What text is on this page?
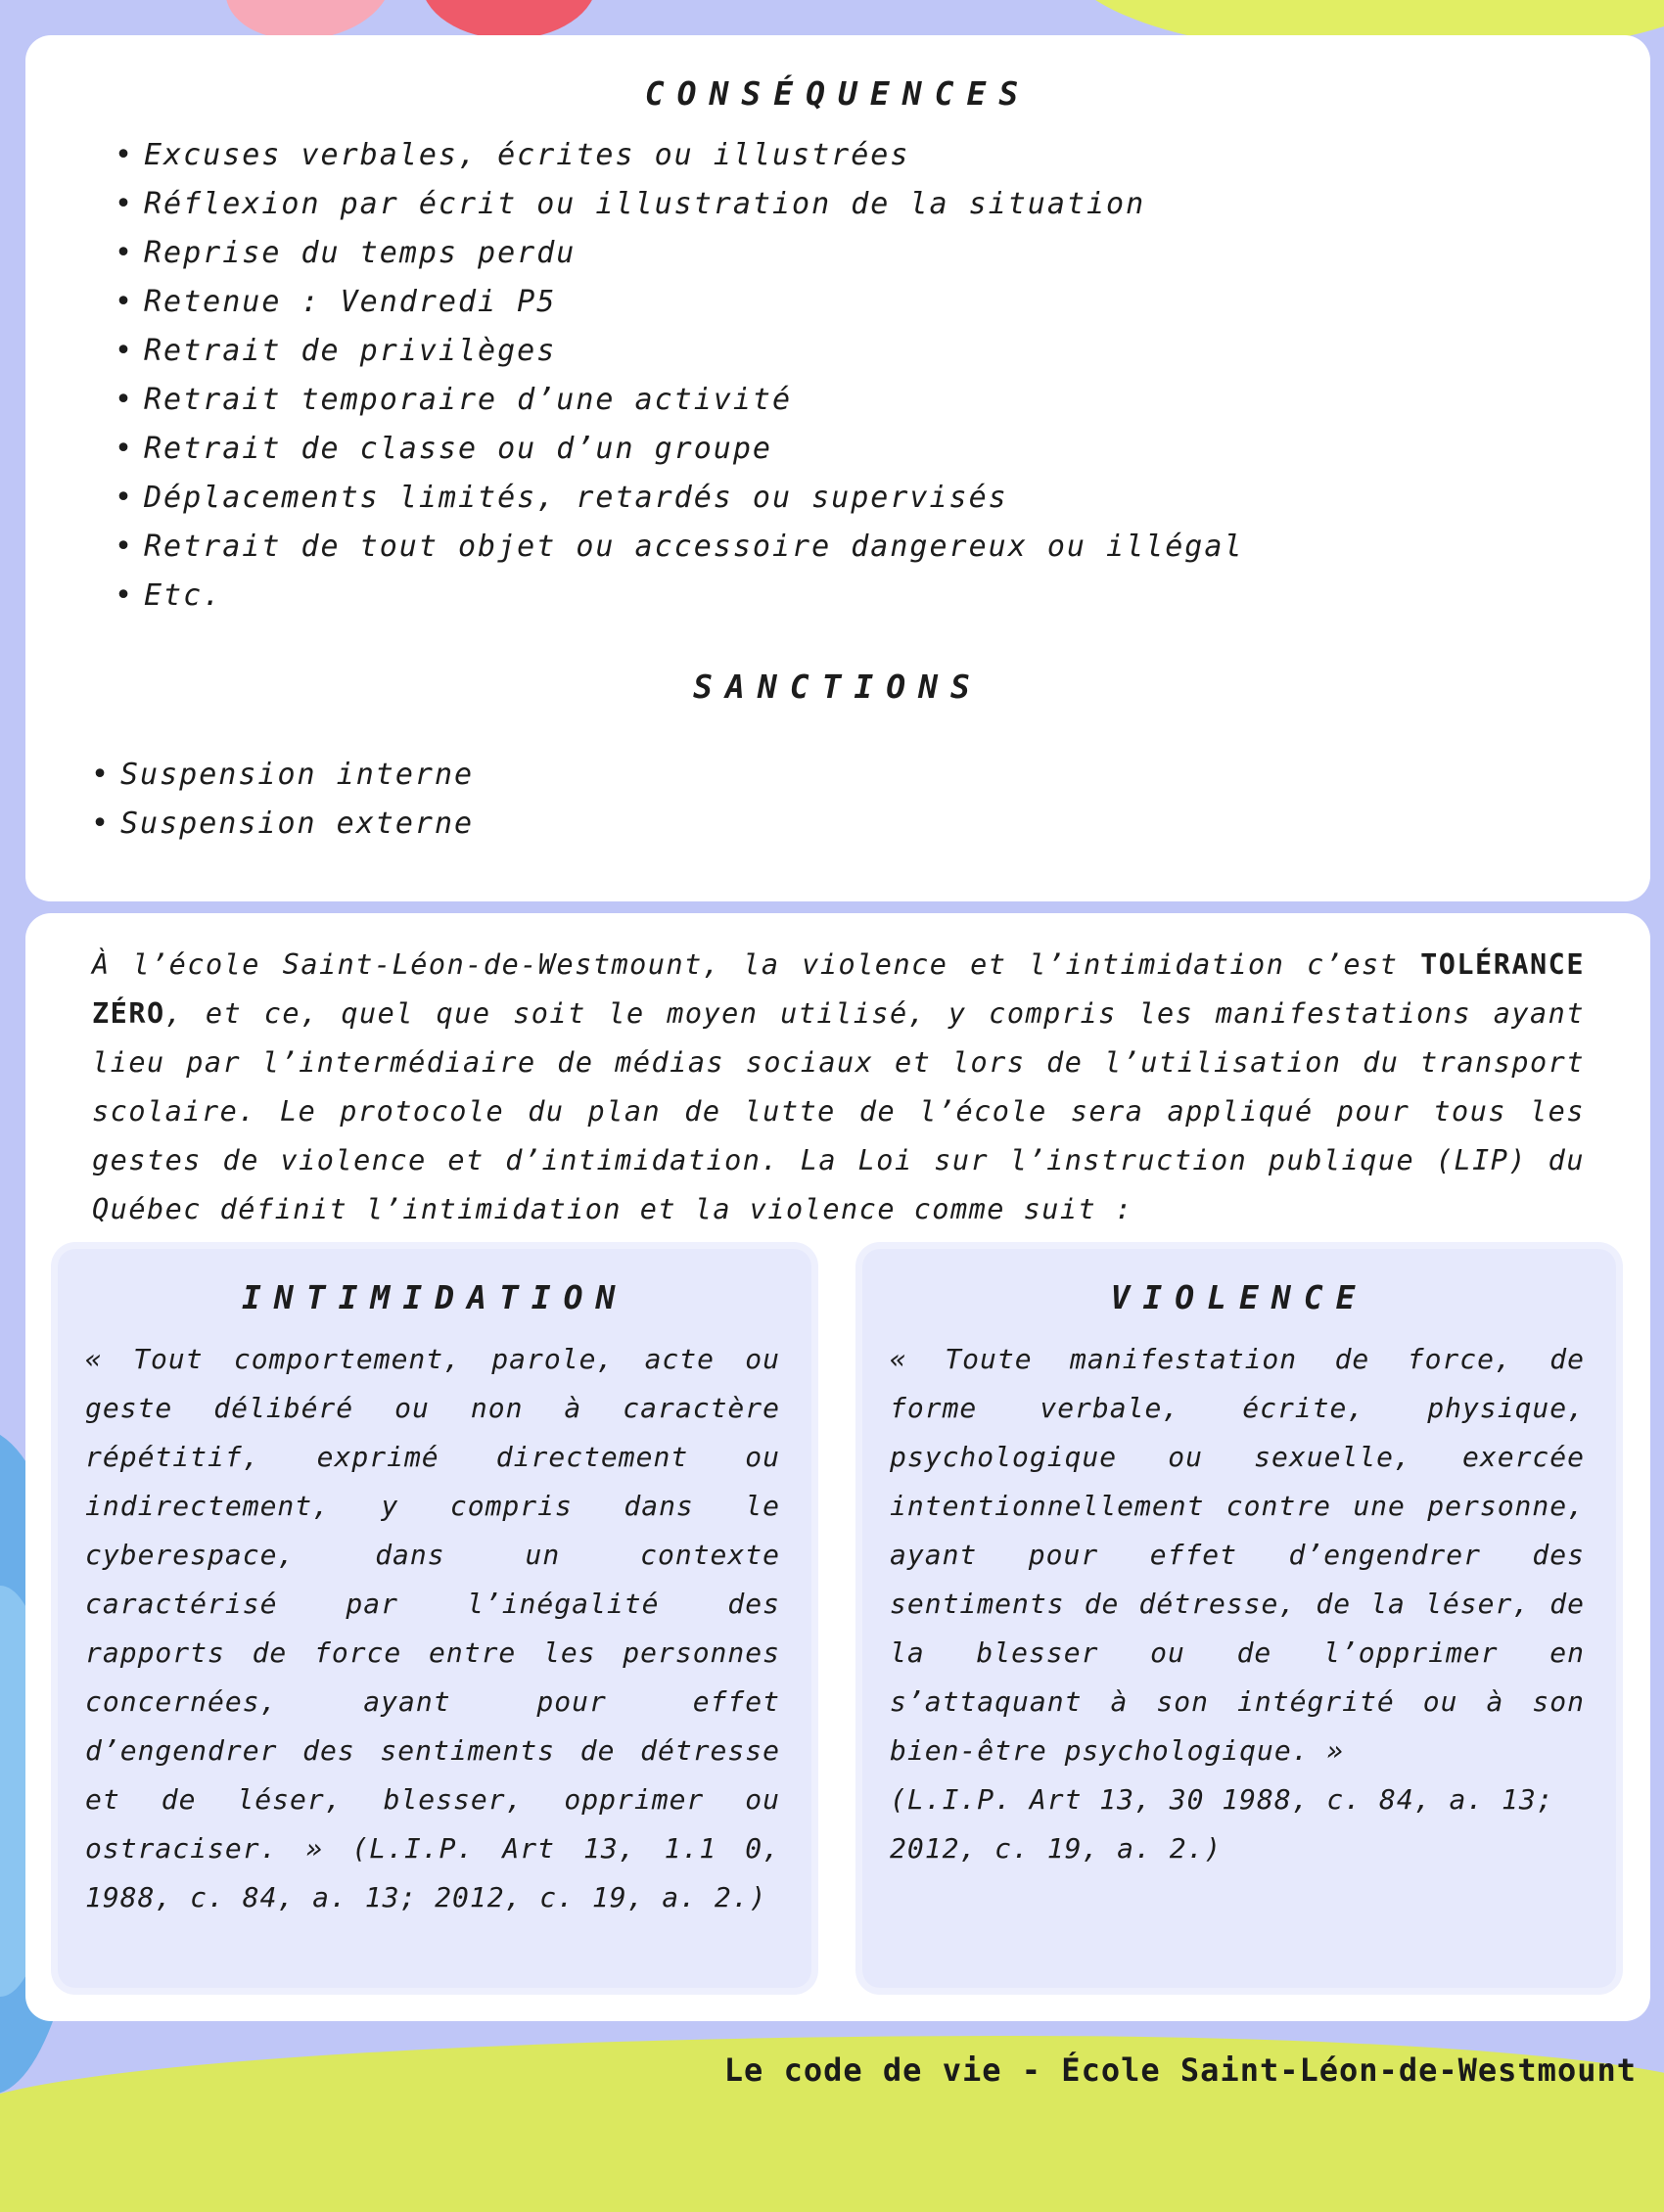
CONSÉQUENCES
• Excuses verbales, écrites ou illustrées
• Réflexion par écrit ou illustration de la situation
• Reprise du temps perdu
• Retenue : Vendredi P5
• Retrait de privilèges
• Retrait temporaire d’une activité
• Retrait de classe ou d’un groupe
• Déplacements limités, retardés ou supervisés
• Retrait de tout objet ou accessoire dangereux ou illégal
• Etc.
SANCTIONS
• Suspension interne
• Suspension externe

À l’école Saint-Léon-de-Westmount, la violence et l’intimidation c’est TOLÉRANCE ZÉRO, et ce, quel que soit le moyen utilisé, y compris les manifestations ayant lieu par l’intermédiaire de médias sociaux et lors de l’utilisation du transport scolaire. Le protocole du plan de lutte de l’école sera appliqué pour tous les gestes de violence et d’intimidation. La Loi sur l’instruction publique (LIP) du Québec définit l’intimidation et la violence comme suit :

INTIMIDATION

« Tout comportement, parole, acte ou geste délibéré ou non à caractère répétitif, exprimé directement ou indirectement, y compris dans le cyberespace, dans un contexte caractérisé par l’inégalité des rapports de force entre les personnes concernées, ayant pour effet d’engendrer des sentiments de détresse et de léser, blesser, opprimer ou ostraciser. » (L.I.P. Art 13, 1.1 0, 1988, c. 84, a. 13; 2012, c. 19, a. 2.)

VIOLENCE

« Toute manifestation de force, de forme verbale, écrite, physique, psychologique ou sexuelle, exercée intentionnellement contre une personne, ayant pour effet d’engendrer des sentiments de détresse, de la léser, de la blesser ou de l’opprimer en s’attaquant à son intégrité ou à son bien-être psychologique. »
(L.I.P. Art 13, 30 1988, c. 84, a. 13; 2012, c. 19, a. 2.)

Le code de vie - École Saint-Léon-de-Westmount
